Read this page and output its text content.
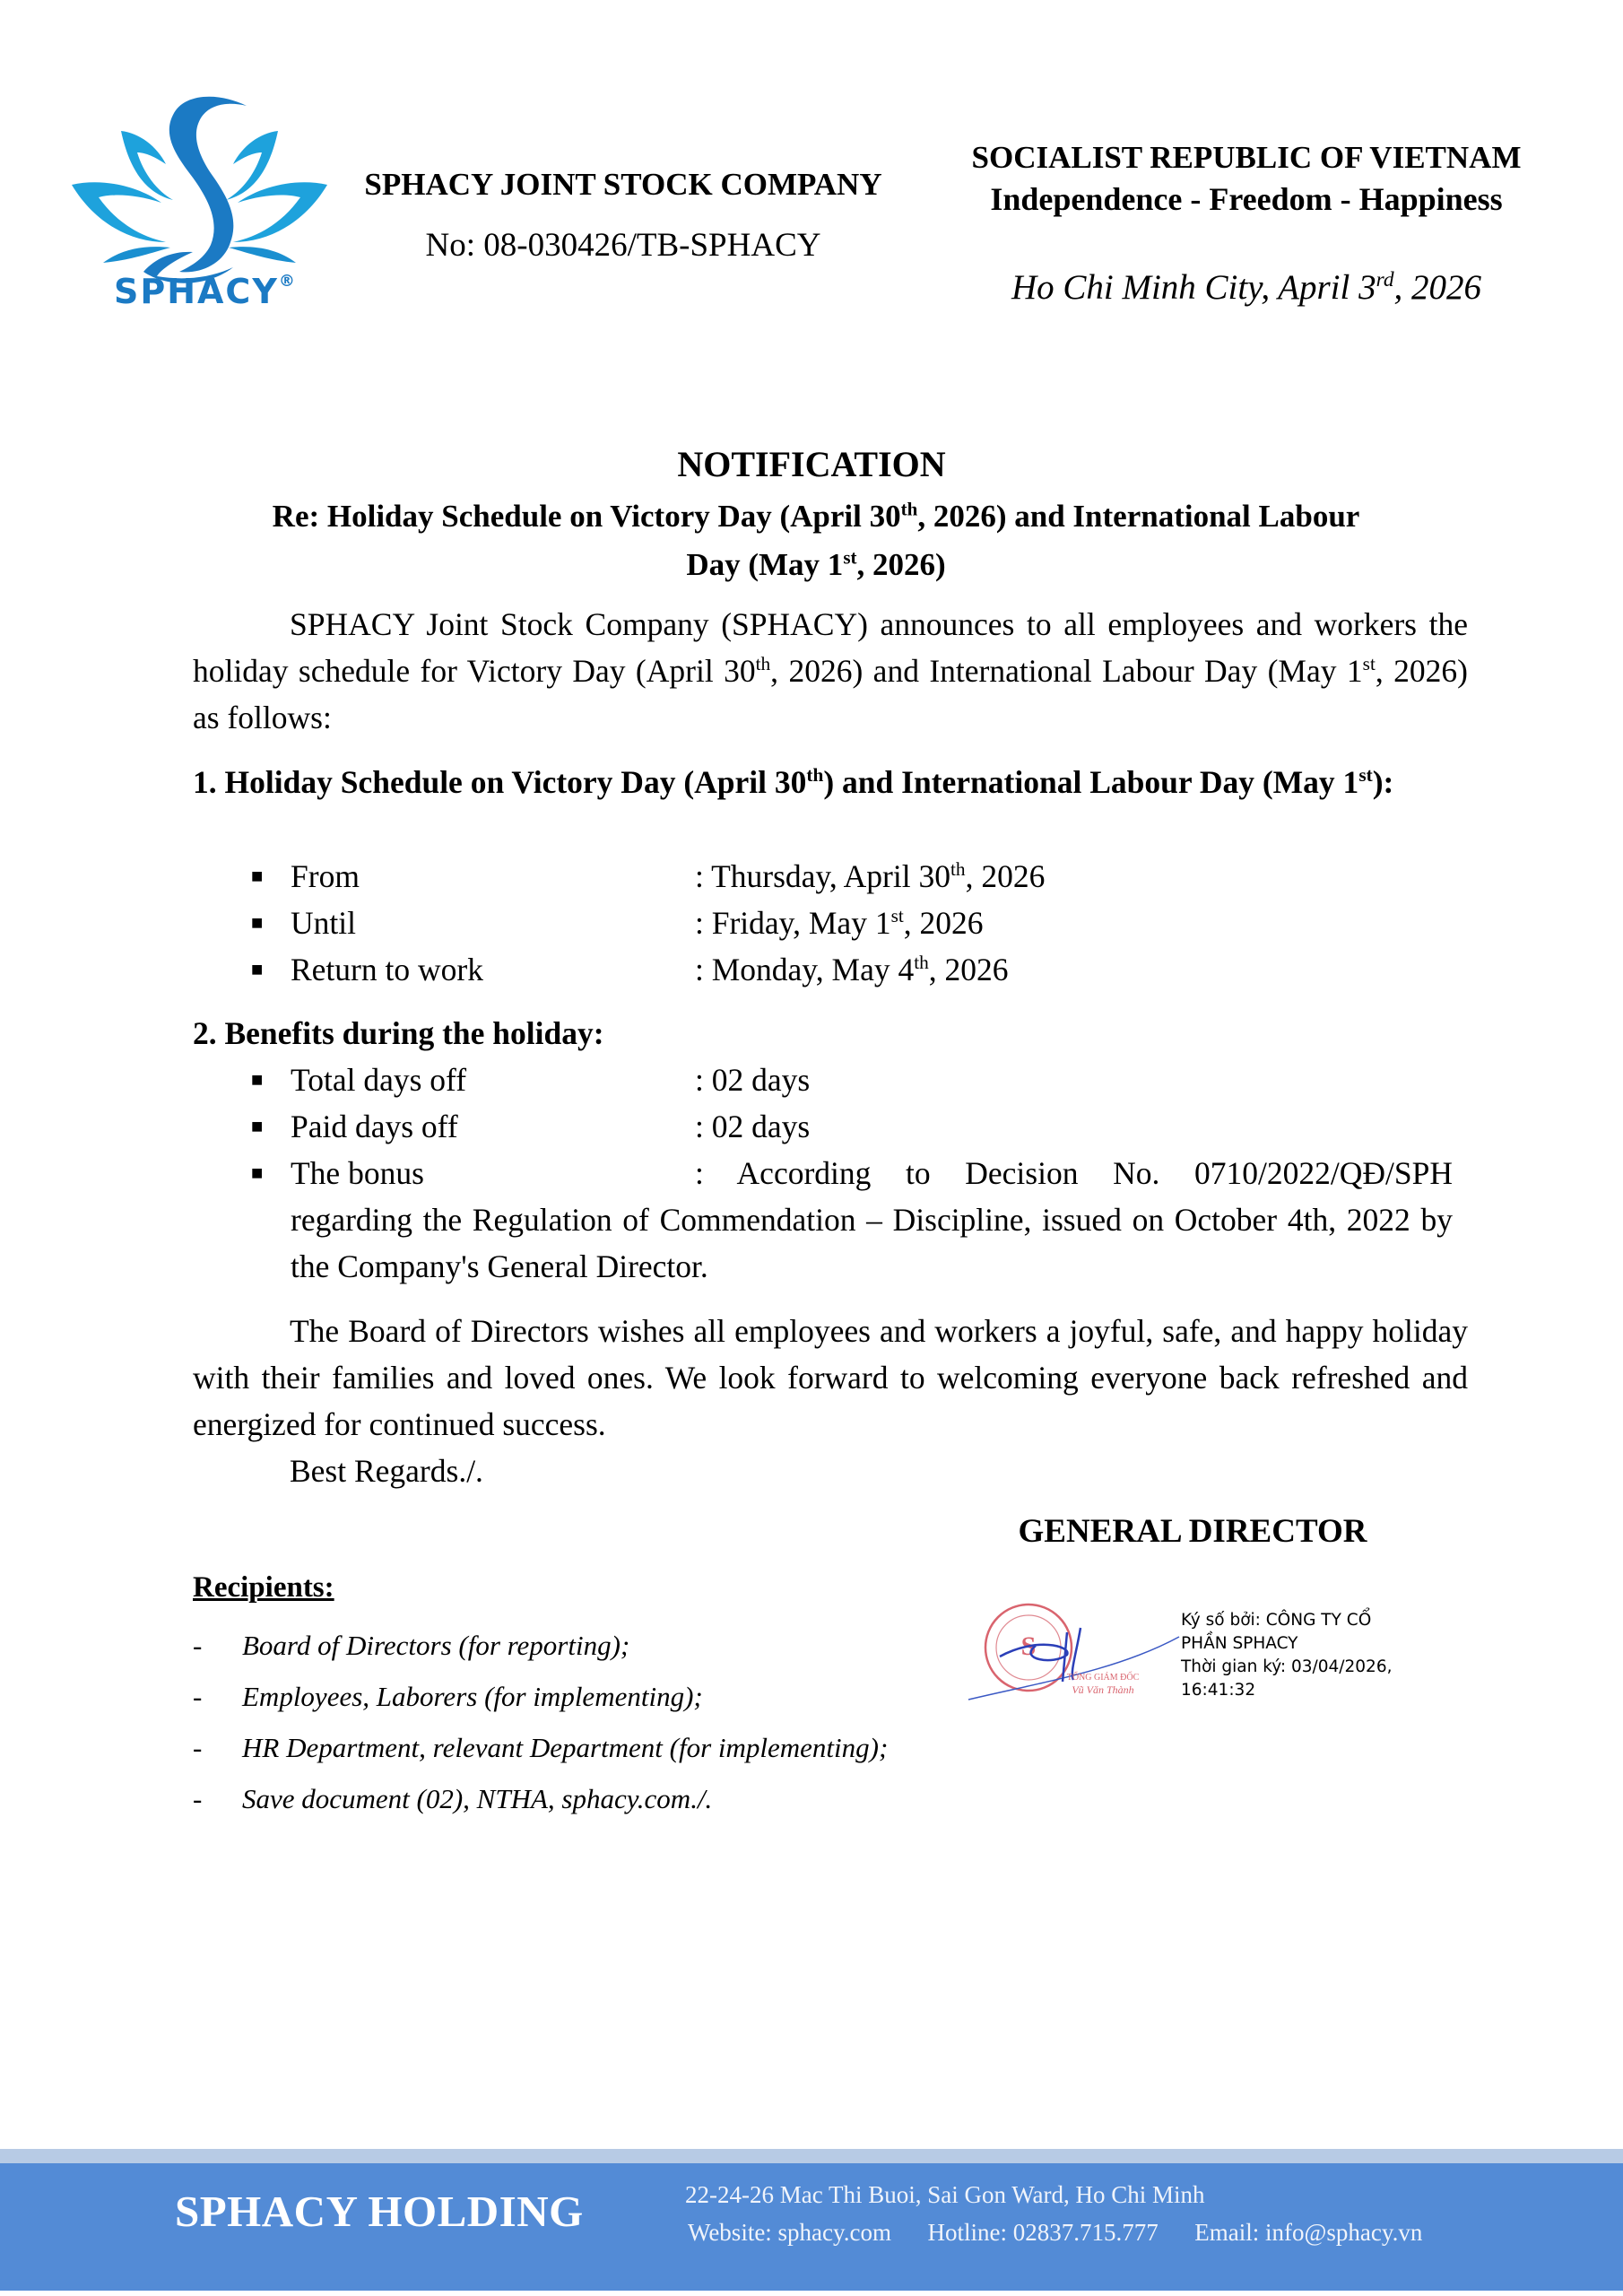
SPHACY®
SPHACY JOINT STOCK COMPANY
No: 08-030426/TB-SPHACY
SOCIALIST REPUBLIC OF VIETNAM
Independence - Freedom - Happiness
Ho Chi Minh City, April 3rd, 2026
NOTIFICATION
Re: Holiday Schedule on Victory Day (April 30th, 2026) and International Labour
Day (May 1st, 2026)
SPHACY Joint Stock Company (SPHACY) announces to all employees and workers the holiday schedule for Victory Day (April 30th, 2026) and International Labour Day (May 1st, 2026) as follows:
1. Holiday Schedule on Victory Day (April 30th) and International Labour Day (May 1st):
■ From	: Thursday, April 30th, 2026
■ Until	: Friday, May 1st, 2026
■ Return to work	: Monday, May 4th, 2026
2. Benefits during the holiday:
■ Total days off	: 02 days
■ Paid days off	: 02 days
■ The bonus	: According to Decision No. 0710/2022/QĐ/SPH
regarding the Regulation of Commendation – Discipline, issued on October 4th, 2022 by the Company's General Director.
The Board of Directors wishes all employees and workers a joyful, safe, and happy holiday with their families and loved ones. We look forward to welcoming everyone back refreshed and energized for continued success.
Best Regards./.
GENERAL DIRECTOR
S
TỔNG GIÁM ĐỐC
Vũ Văn Thành
Ký số bởi: CÔNG TY CỔ PHẦN SPHACY
Thời gian ký: 03/04/2026, 16:41:32
Recipients:
- Board of Directors (for reporting);
- Employees, Laborers (for implementing);
- HR Department, relevant Department (for implementing);
- Save document (02), NTHA, sphacy.com./.
SPHACY HOLDING	22-24-26 Mac Thi Buoi, Sai Gon Ward, Ho Chi Minh
Website: sphacy.com Hotline: 02837.715.777 Email: info@sphacy.vn
